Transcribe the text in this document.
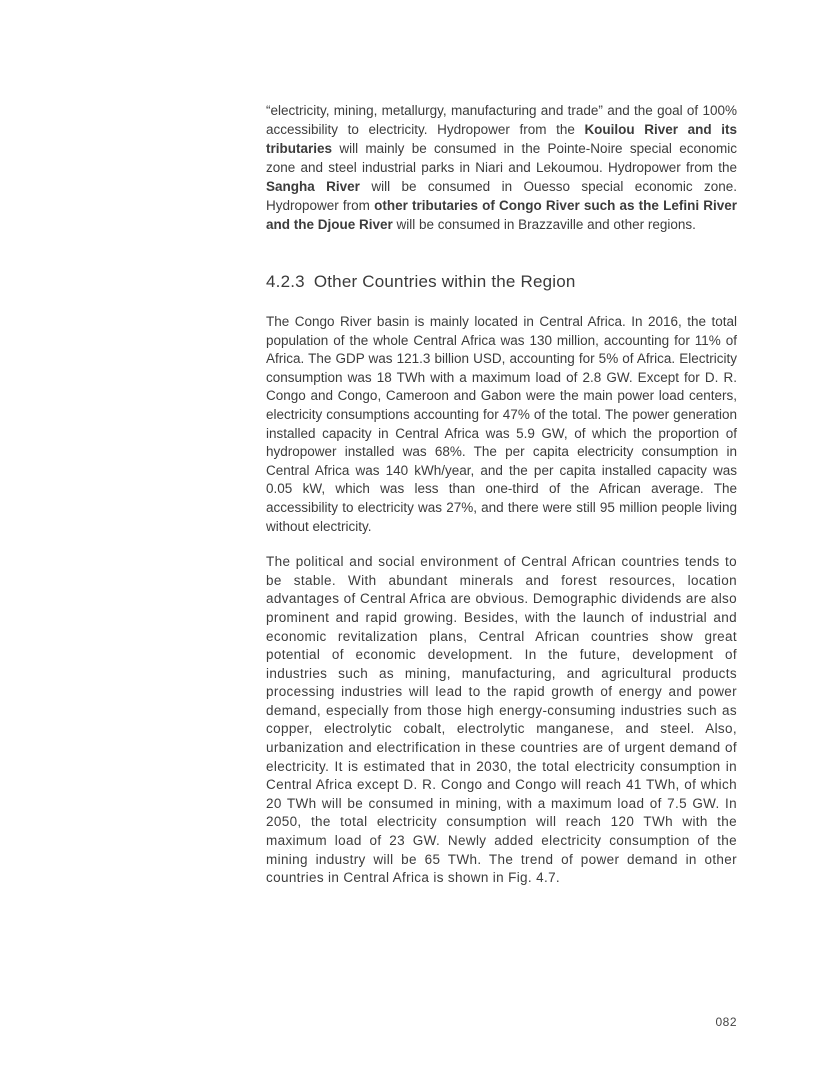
“electricity, mining, metallurgy, manufacturing and trade” and the goal of 100% accessibility to electricity. Hydropower from the Kouilou River and its tributaries will mainly be consumed in the Pointe-Noire special economic zone and steel industrial parks in Niari and Lekoumou. Hydropower from the Sangha River will be consumed in Ouesso special economic zone. Hydropower from other tributaries of Congo River such as the Lefini River and the Djoue River will be consumed in Brazzaville and other regions.

4.2.3 Other Countries within the Region

The Congo River basin is mainly located in Central Africa. In 2016, the total population of the whole Central Africa was 130 million, accounting for 11% of Africa. The GDP was 121.3 billion USD, accounting for 5% of Africa. Electricity consumption was 18 TWh with a maximum load of 2.8 GW. Except for D. R. Congo and Congo, Cameroon and Gabon were the main power load centers, electricity consumptions accounting for 47% of the total. The power generation installed capacity in Central Africa was 5.9 GW, of which the proportion of hydropower installed was 68%. The per capita electricity consumption in Central Africa was 140 kWh/year, and the per capita installed capacity was 0.05 kW, which was less than one-third of the African average. The accessibility to electricity was 27%, and there were still 95 million people living without electricity.

The political and social environment of Central African countries tends to be stable. With abundant minerals and forest resources, location advantages of Central Africa are obvious. Demographic dividends are also prominent and rapid growing. Besides, with the launch of industrial and economic revitalization plans, Central African countries show great potential of economic development. In the future, development of industries such as mining, manufacturing, and agricultural products processing industries will lead to the rapid growth of energy and power demand, especially from those high energy-consuming industries such as copper, electrolytic cobalt, electrolytic manganese, and steel. Also, urbanization and electrification in these countries are of urgent demand of electricity. It is estimated that in 2030, the total electricity consumption in Central Africa except D. R. Congo and Congo will reach 41 TWh, of which 20 TWh will be consumed in mining, with a maximum load of 7.5 GW. In 2050, the total electricity consumption will reach 120 TWh with the maximum load of 23 GW. Newly added electricity consumption of the mining industry will be 65 TWh. The trend of power demand in other countries in Central Africa is shown in Fig. 4.7.

082
